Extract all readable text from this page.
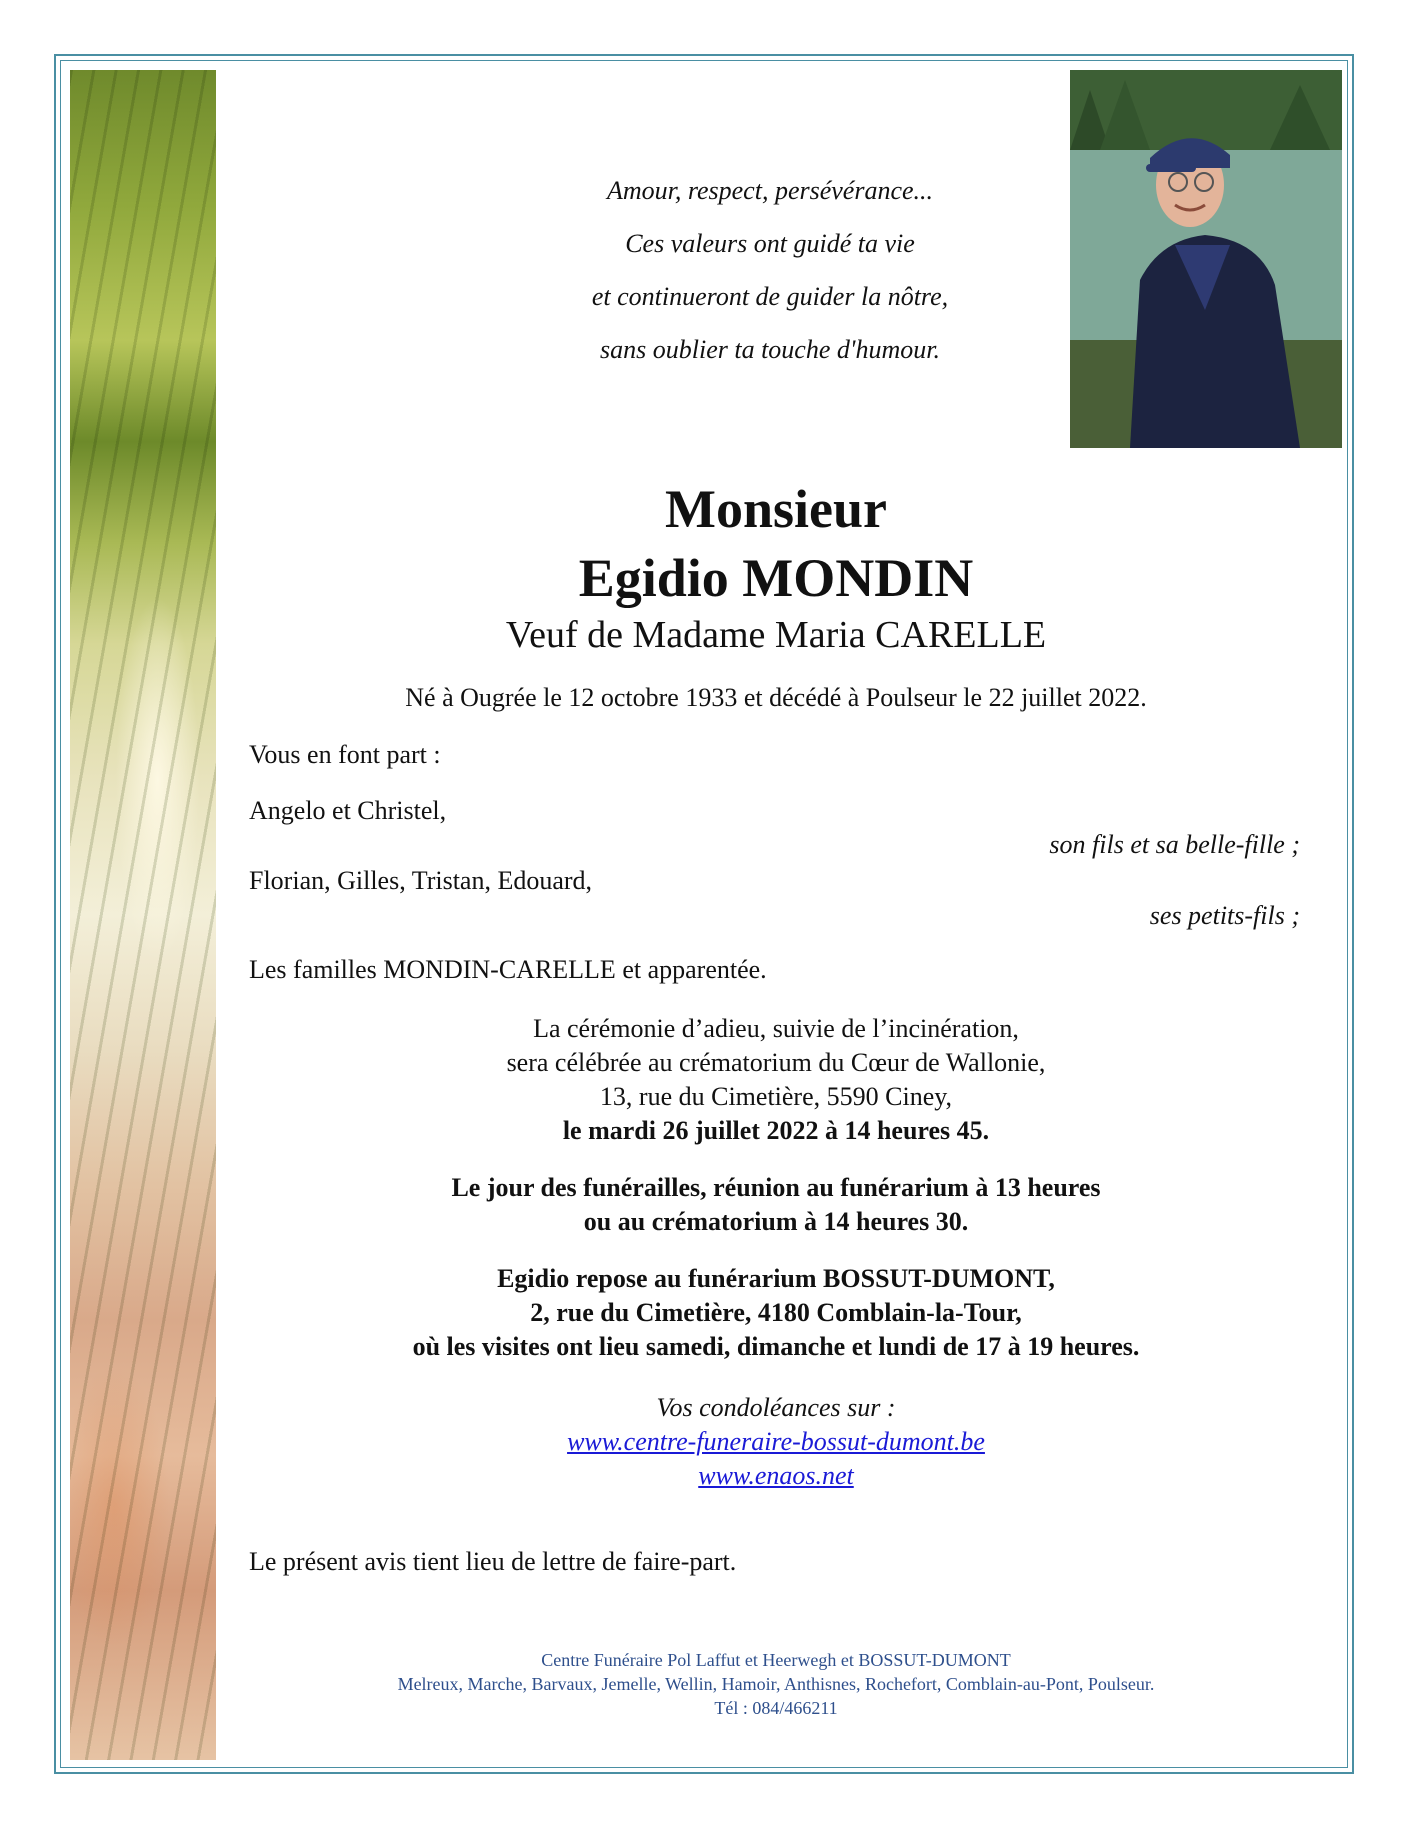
Amour, respect, persévérance...
Ces valeurs ont guidé ta vie
et continueront de guider la nôtre,
sans oublier ta touche d'humour.
Monsieur
Egidio MONDIN
Veuf de Madame Maria CARELLE
Né à Ougrée le 12 octobre 1933 et décédé à Poulseur le 22 juillet 2022.
Vous en font part :
Angelo et Christel,
son fils et sa belle-fille ;
Florian, Gilles, Tristan, Edouard,
ses petits-fils ;
Les familles MONDIN-CARELLE et apparentée.
La cérémonie d’adieu, suivie de l’incinération,
sera célébrée au crématorium du Cœur de Wallonie,
13, rue du Cimetière, 5590 Ciney,
le mardi 26 juillet 2022 à 14 heures 45.
Le jour des funérailles, réunion au funérarium à 13 heures
ou au crématorium à 14 heures 30.
Egidio repose au funérarium BOSSUT-DUMONT,
2, rue du Cimetière, 4180 Comblain-la-Tour,
où les visites ont lieu samedi, dimanche et lundi de 17 à 19 heures.
Vos condoléances sur :
www.centre-funeraire-bossut-dumont.be
www.enaos.net
Le présent avis tient lieu de lettre de faire-part.
Centre Funéraire Pol Laffut et Heerwegh et BOSSUT-DUMONT
Melreux, Marche, Barvaux, Jemelle, Wellin, Hamoir, Anthisnes, Rochefort, Comblain-au-Pont, Poulseur.
Tél : 084/466211
